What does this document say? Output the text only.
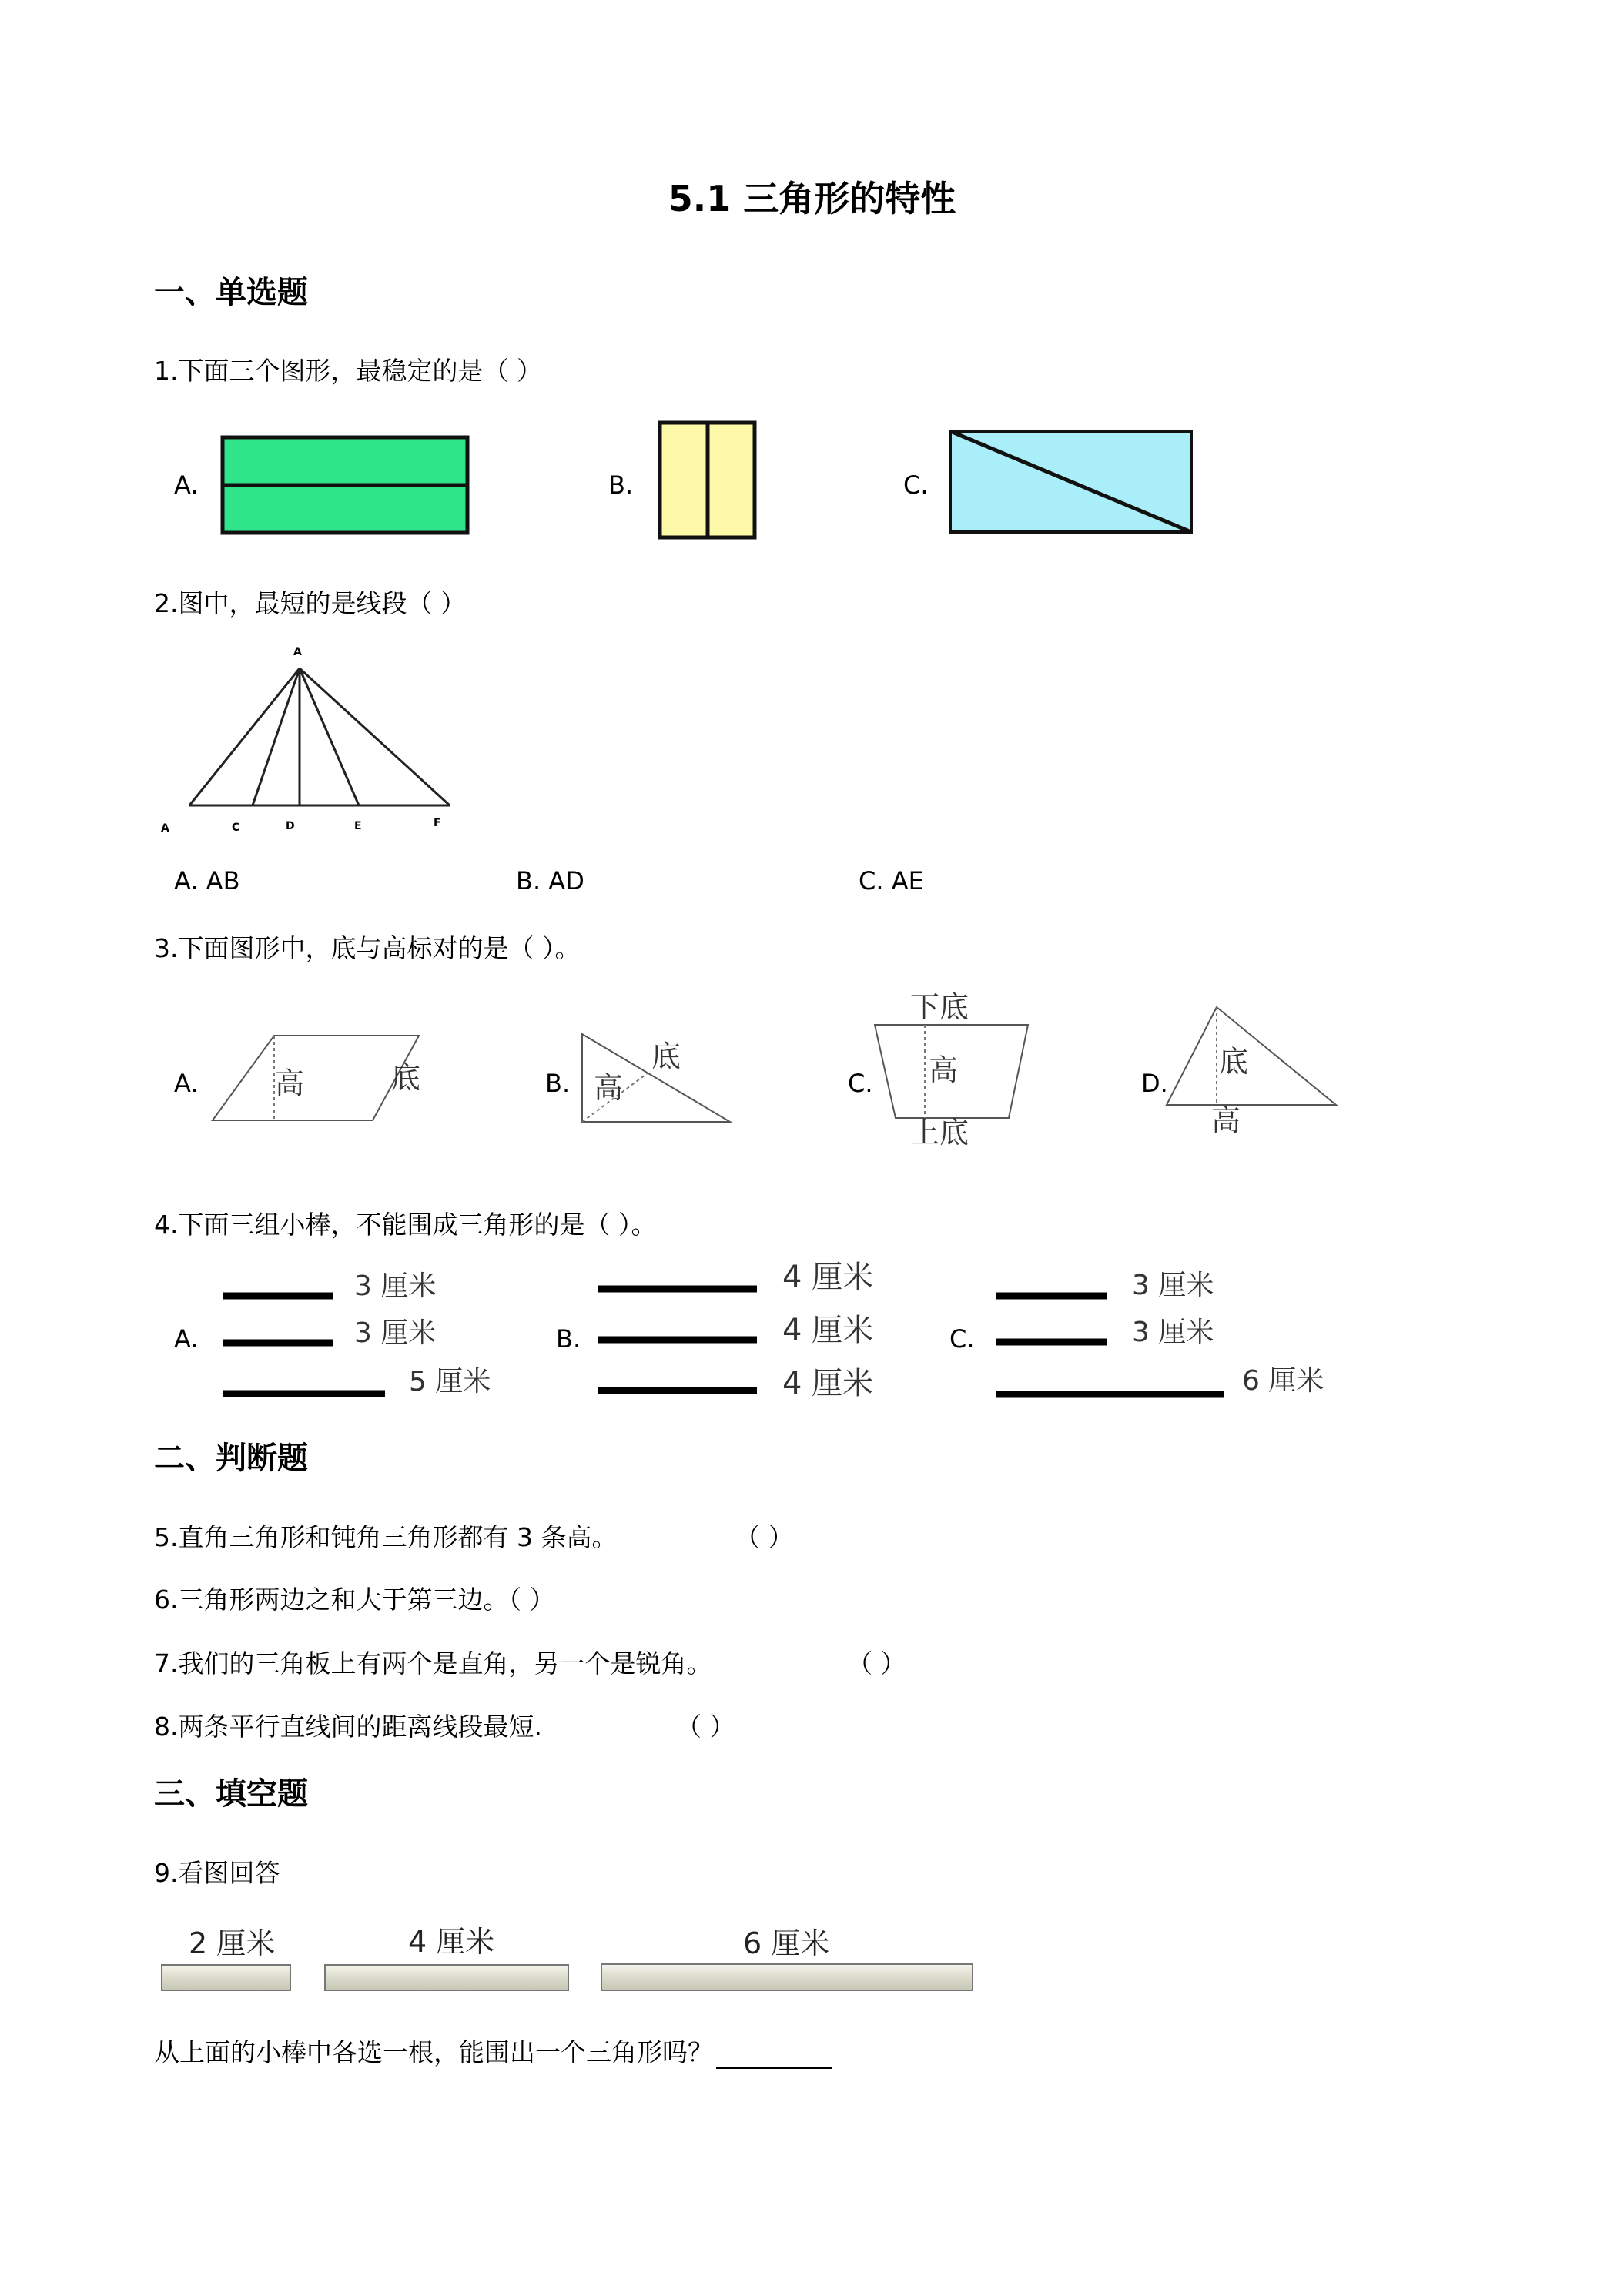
5.1 三角形的特性
一、单选题
1.下面三个图形，最稳定的是（ ）
A.	B.	C.
A
A	C	D	E	F
高	底
底
高
下底
高
上底
底
高
3 厘米
3 厘米
5 厘米
4 厘米
4 厘米
4 厘米
3 厘米
3 厘米
6 厘米
2 厘米	4 厘米	6 厘米
2.图中，最短的是线段（ ）
A. AB	B. AD	C. AE
3.下面图形中，底与高标对的是（ ）。
A.	B.	C.	D.
4.下面三组小棒，不能围成三角形的是（ ）。
A.	B.	C.
二、判断题
5.直角三角形和钝角三角形都有 3 条高。	（ ）
6.三角形两边之和大于第三边。（ ）
7.我们的三角板上有两个是直角，另一个是锐角。	（ ）
8.两条平行直线间的距离线段最短.	（ ）
三、填空题
9.看图回答
从上面的小棒中各选一根，能围出一个三角形吗？
